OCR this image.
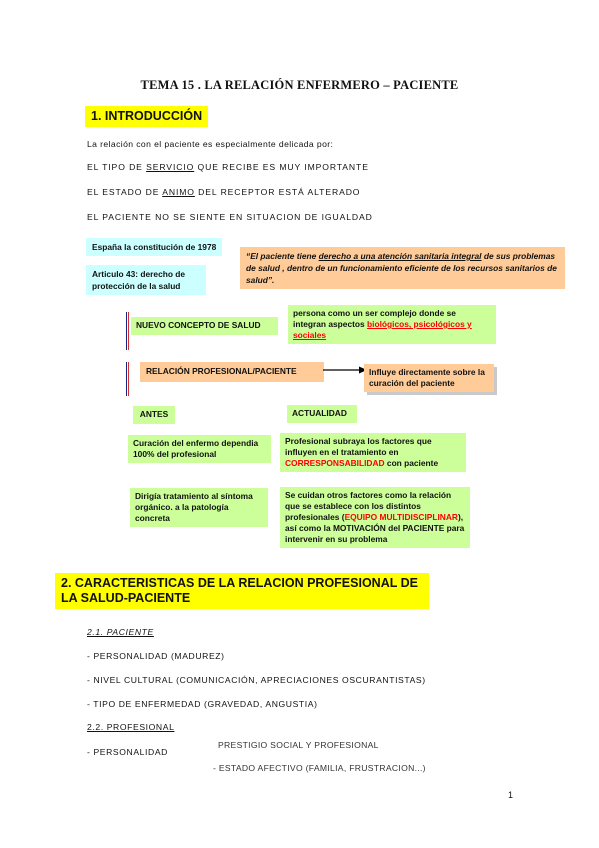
TEMA 15 . LA RELACIÓN ENFERMERO – PACIENTE
1. INTRODUCCIÓN
La relación con el paciente es especialmente delicada por:
EL TIPO DE SERVICIO QUE RECIBE ES MUY IMPORTANTE
EL ESTADO DE ANIMO DEL RECEPTOR ESTÁ ALTERADO
EL PACIENTE NO SE SIENTE EN SITUACION DE IGUALDAD
España la constitución de 1978
Articulo 43: derecho de protección de la salud
“El paciente tiene derecho a una atención sanitaria integral de sus problemas de salud , dentro de un funcionamiento eficiente de los recursos sanitarios de salud”.
NUEVO CONCEPTO DE SALUD
persona como un ser complejo donde se integran aspectos biológicos, psicológicos y sociales
RELACIÓN PROFESIONAL/PACIENTE	Influye directamente sobre la curación del paciente
ANTES	ACTUALIDAD
Curación del enfermo dependia 100% del profesional
Profesional subraya los factores que influyen en el tratamiento en CORRESPONSABILIDAD con paciente
Dirigía tratamiento al síntoma orgánico. a la patología concreta
Se cuidan otros factores como la relación que se establece con los distintos profesionales (EQUIPO MULTIDISCIPLINAR), así como la MOTIVACIÓN del PACIENTE para intervenir en su problema
2. CARACTERISTICAS DE LA RELACION PROFESIONAL DE LA SALUD-PACIENTE
2.1. PACIENTE
- PERSONALIDAD (MADUREZ)
- NIVEL CULTURAL (COMUNICACIÓN, APRECIACIONES OSCURANTISTAS)
- TIPO DE ENFERMEDAD (GRAVEDAD, ANGUSTIA)
2.2. PROFESIONAL
- PERSONALIDAD
PRESTIGIO SOCIAL Y PROFESIONAL
- ESTADO AFECTIVO (FAMILIA, FRUSTRACION...)
1
